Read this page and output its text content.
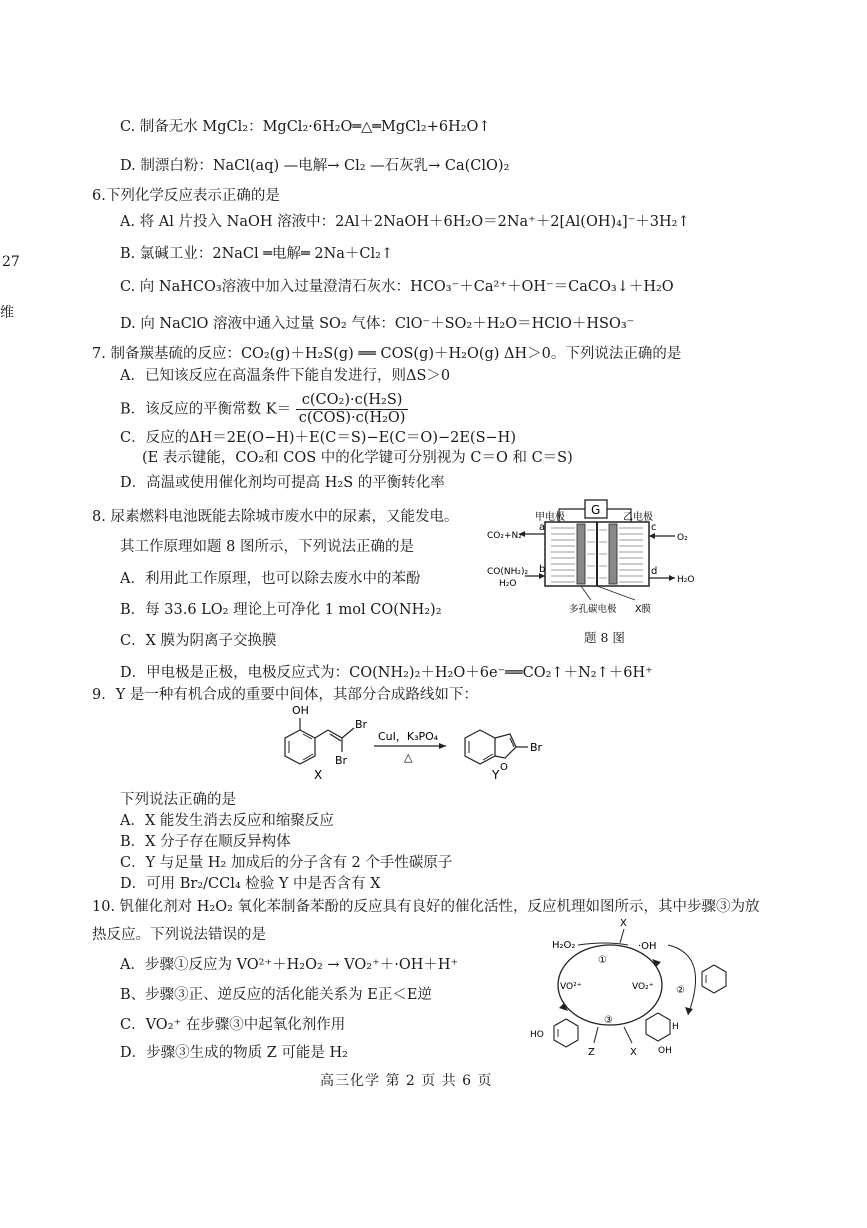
27
维
C. 制备无水 MgCl₂：MgCl₂·6H₂O═△═MgCl₂+6H₂O↑
D. 制漂白粉：NaCl(aq) —电解→ Cl₂ —石灰乳→ Ca(ClO)₂
6.下列化学反应表示正确的是
A. 将 Al 片投入 NaOH 溶液中：2Al＋2NaOH＋6H₂O＝2Na⁺＋2[Al(OH)₄]⁻＋3H₂↑
B. 氯碱工业：2NaCl ═电解═ 2Na＋Cl₂↑
C. 向 NaHCO₃溶液中加入过量澄清石灰水：HCO₃⁻＋Ca²⁺＋OH⁻＝CaCO₃↓＋H₂O
D. 向 NaClO 溶液中通入过量 SO₂ 气体：ClO⁻＋SO₂＋H₂O＝HClO＋HSO₃⁻
7. 制备羰基硫的反应：CO₂(g)＋H₂S(g) ══ COS(g)＋H₂O(g) ΔH＞0。下列说法正确的是
A．已知该反应在高温条件下能自发进行，则ΔS＞0
B．该反应的平衡常数 K＝
c(CO₂)·c(H₂S)
c(COS)·c(H₂O)
C．反应的ΔH＝2E(O−H)＋E(C＝S)−E(C＝O)−2E(S−H)
(E 表示键能，CO₂和 COS 中的化学键可分别视为 C＝O 和 C＝S)
D．高温或使用催化剂均可提高 H₂S 的平衡转化率
8. 尿素燃料电池既能去除城市废水中的尿素，又能发电。
其工作原理如题 8 图所示，下列说法正确的是
A．利用此工作原理，也可以除去废水中的苯酚
B．每 33.6 LO₂ 理论上可净化 1 mol CO(NH₂)₂
C．X 膜为阴离子交换膜
D．甲电极是正极，电极反应式为：CO(NH₂)₂＋H₂O＋6e⁻══CO₂↑＋N₂↑＋6H⁺
G
甲电极	乙电极
a
CO₂+N₂
b
CO(NH₂)₂
H₂O
c
O₂
d
H₂O
多孔碳电极 X膜
题 8 图
9．Y 是一种有机合成的重要中间体，其部分合成路线如下：
OH
Br
Br
X
CuI，K₃PO₄
△
O
Br
Y
下列说法正确的是
A．X 能发生消去反应和缩聚反应
B．X 分子存在顺反异构体
C．Y 与足量 H₂ 加成后的分子含有 2 个手性碳原子
D．可用 Br₂/CCl₄ 检验 Y 中是否含有 X
10. 钒催化剂对 H₂O₂ 氧化苯制备苯酚的反应具有良好的催化活性，反应机理如图所示，其中步骤③为放
热反应。下列说法错误的是
A．步骤①反应为 VO²⁺＋H₂O₂ → VO₂⁺＋·OH＋H⁺
B、步骤③正、逆反应的活化能关系为 E正＜E逆
C．VO₂⁺ 在步骤③中起氧化剂作用
D．步骤③生成的物质 Z 可能是 H₂
H₂O₂
X
·OH
①
VO²⁺	VO₂⁺
③
②
H
OH
HO
Z	X
高三化学 第 2 页 共 6 页
